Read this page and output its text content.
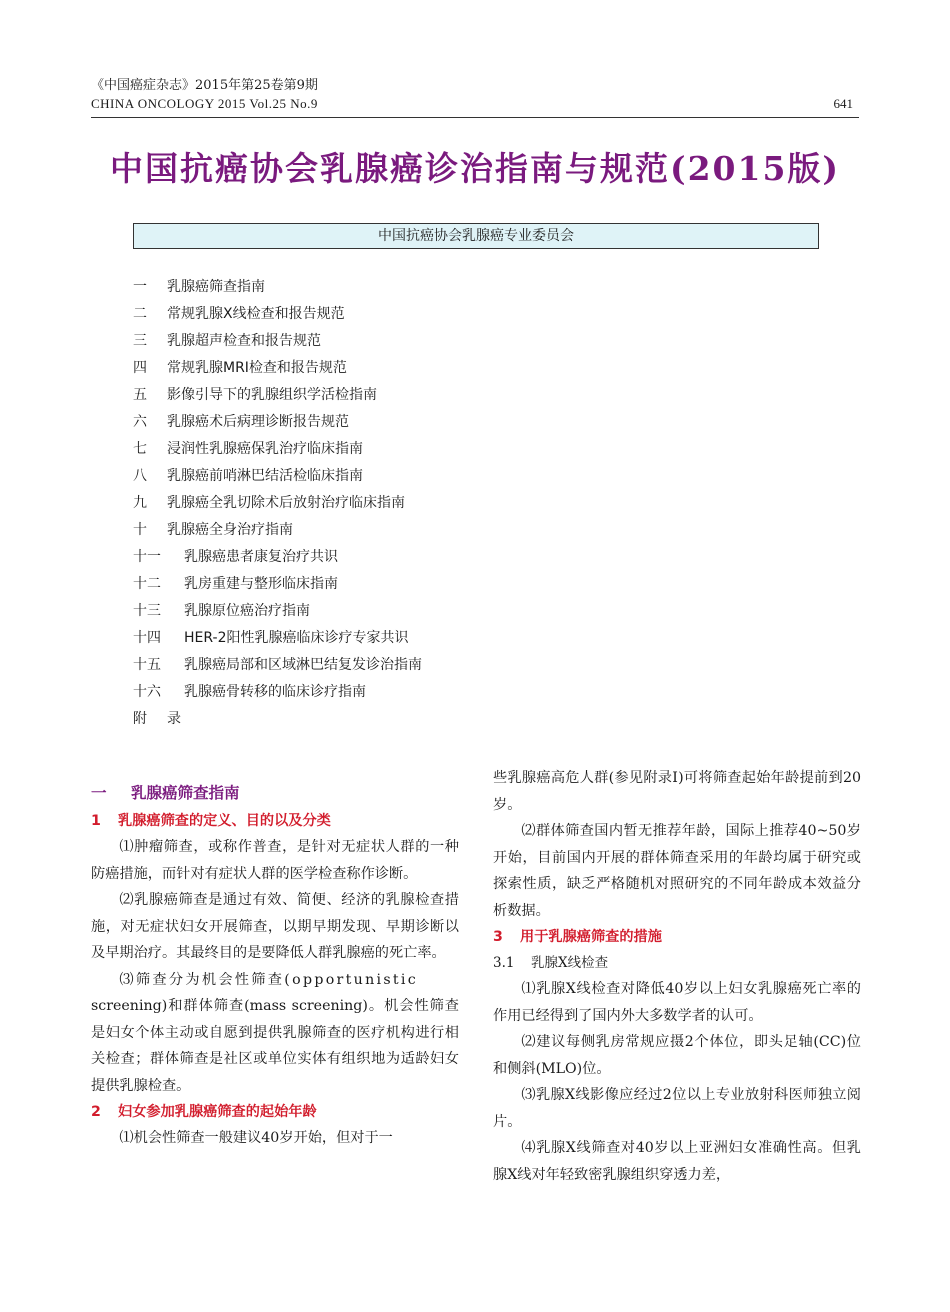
《中国癌症杂志》2015年第25卷第9期
CHINA ONCOLOGY 2015 Vol.25 No.9	641
中国抗癌协会乳腺癌诊治指南与规范(2015版)
中国抗癌协会乳腺癌专业委员会
一	乳腺癌筛查指南
二	常规乳腺X线检查和报告规范
三	乳腺超声检查和报告规范
四	常规乳腺MRI检查和报告规范
五	影像引导下的乳腺组织学活检指南
六	乳腺癌术后病理诊断报告规范
七	浸润性乳腺癌保乳治疗临床指南
八	乳腺癌前哨淋巴结活检临床指南
九	乳腺癌全乳切除术后放射治疗临床指南
十	乳腺癌全身治疗指南
十一	乳腺癌患者康复治疗共识
十二	乳房重建与整形临床指南
十三	乳腺原位癌治疗指南
十四	HER-2阳性乳腺癌临床诊疗专家共识
十五	乳腺癌局部和区域淋巴结复发诊治指南
十六	乳腺癌骨转移的临床诊疗指南
附	录
一 乳腺癌筛查指南
1 乳腺癌筛查的定义、目的以及分类

⑴肿瘤筛查，或称作普查，是针对无症状人群的一种防癌措施，而针对有症状人群的医学检查称作诊断。

⑵乳腺癌筛查是通过有效、简便、经济的乳腺检查措施，对无症状妇女开展筛查，以期早期发现、早期诊断以及早期治疗。其最终目的是要降低人群乳腺癌的死亡率。

⑶筛查分为机会性筛查(opportunistic

screening)和群体筛查(mass screening)。机会性筛查是妇女个体主动或自愿到提供乳腺筛查的医疗机构进行相关检查；群体筛查是社区或单位实体有组织地为适龄妇女提供乳腺检查。

2 妇女参加乳腺癌筛查的起始年龄

⑴机会性筛查一般建议40岁开始，但对于一

些乳腺癌高危人群(参见附录Ⅰ)可将筛查起始年龄提前到20岁。

⑵群体筛查国内暂无推荐年龄，国际上推荐40~50岁开始，目前国内开展的群体筛查采用的年龄均属于研究或探索性质，缺乏严格随机对照研究的不同年龄成本效益分析数据。

3 用于乳腺癌筛查的措施
3.1 乳腺X线检查

⑴乳腺X线检查对降低40岁以上妇女乳腺癌死亡率的作用已经得到了国内外大多数学者的认可。

⑵建议每侧乳房常规应摄2个体位，即头足轴(CC)位和侧斜(MLO)位。

⑶乳腺X线影像应经过2位以上专业放射科医师独立阅片。

⑷乳腺X线筛查对40岁以上亚洲妇女准确性高。但乳腺X线对年轻致密乳腺组织穿透力差，
